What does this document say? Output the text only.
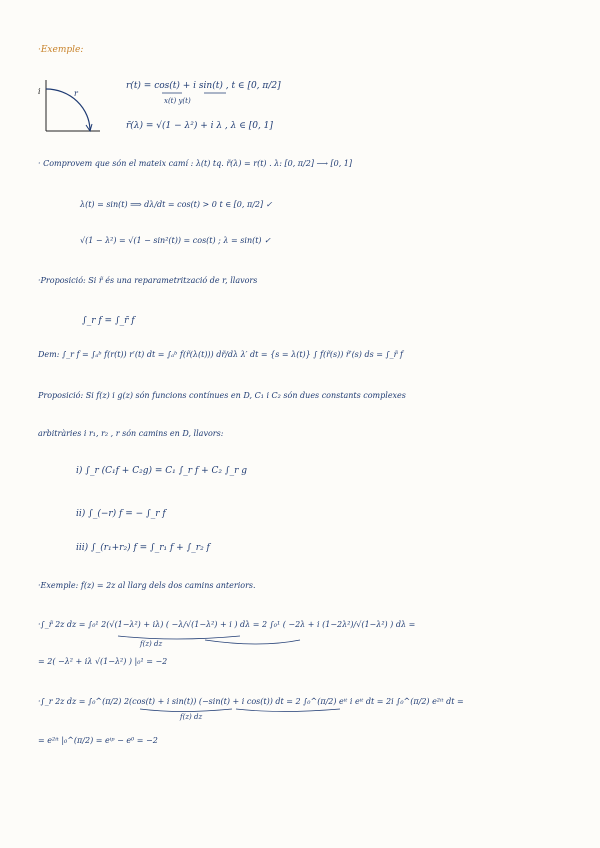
·Exemple:
r(t) = cos(t) + i sin(t) , t ∈ [0, π/2]
x(t) y(t)
r̃(λ) = √(1 − λ²) + i λ , λ ∈ [0, 1]
· Comprovem que són el mateix camí : λ(t) tq. r̃(λ) = r(t) . λ: [0, π/2] ⟶ [0, 1]
λ(t) = sin(t) ⟹ dλ/dt = cos(t) > 0 t ∈ [0, π/2] ✓
√(1 − λ²) = √(1 − sin²(t)) = cos(t) ; λ = sin(t) ✓
·Proposició: Si r̃ és una reparametrització de r, llavors
∫_r f = ∫_r̃ f
Dem: ∫_r f = ∫ₐᵇ f(r(t)) r′(t) dt = ∫ₐᵇ f(r̃(λ(t))) dr̃/dλ λ′ dt = {s = λ(t)} ∫ f(r̃(s)) r̃′(s) ds = ∫_r̃ f
Proposició: Si f(z) i g(z) són funcions contínues en D, C₁ i C₂ són dues constants complexes
arbitràries i r₁, r₂ , r són camins en D, llavors:
i) ∫_r (C₁f + C₂g) = C₁ ∫_r f + C₂ ∫_r g
ii) ∫_(−r) f = − ∫_r f
iii) ∫_(r₁+r₂) f = ∫_r₁ f + ∫_r₂ f
·Exemple: f(z) = 2z al llarg dels dos camins anteriors.
·∫_r̃ 2z dz = ∫₀¹ 2(√(1−λ²) + iλ) ( −λ/√(1−λ²) + i ) dλ = 2 ∫₀¹ ( −2λ + i (1−2λ²)/√(1−λ²) ) dλ =
f(z) dz
= 2( −λ² + iλ √(1−λ²) ) |₀¹ = −2
·∫_r 2z dz = ∫₀^(π/2) 2(cos(t) + i sin(t)) (−sin(t) + i cos(t)) dt = 2 ∫₀^(π/2) eⁱᵗ i eⁱᵗ dt = 2i ∫₀^(π/2) e²ⁱᵗ dt =
f(z) dz
= e²ⁱᵗ |₀^(π/2) = eⁱᵖ − e⁰ = −2
i	r
